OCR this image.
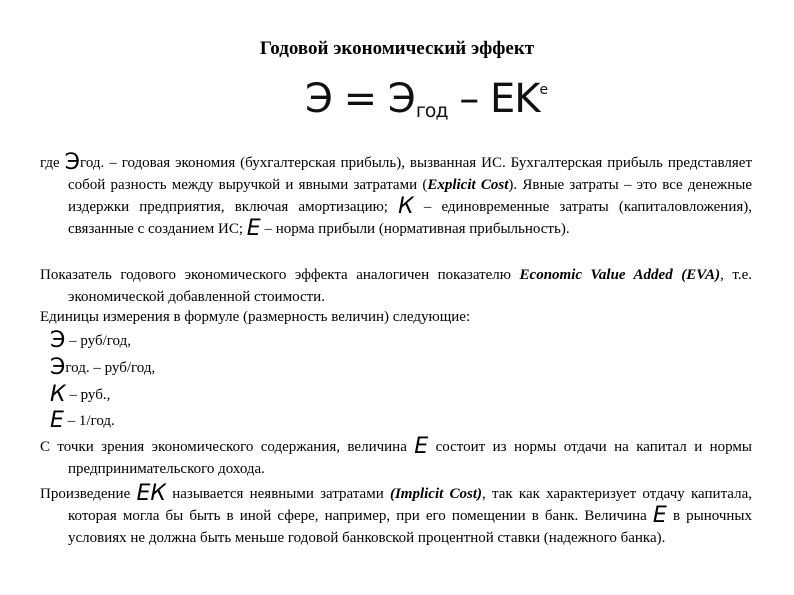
Годовой экономический эффект
$Э = Э_{год} - EK^е$
где Эгод. – годовая экономия (бухгалтерская прибыль), вызванная ИС. Бухгалтерская прибыль представляет собой разность между выручкой и явными затратами (Explicit Cost). Явные затраты – это все денежные издержки предприятия, включая амортизацию; К – единовременные затраты (капиталовложения), связанные с созданием ИС; Е – норма прибыли (нормативная прибыльность).
Показатель годового экономического эффекта аналогичен показателю Economic Value Added (EVA), т.е. экономической добавленной стоимости.
Единицы измерения в формуле (размерность величин) следующие:
Э – руб/год,
Эгод. – руб/год,
К – руб.,
Е – 1/год.
С точки зрения экономического содержания, величина Е состоит из нормы отдачи на капитал и нормы предпринимательского дохода.
Произведение ЕК называется неявными затратами (Implicit Cost), так как характеризует отдачу капитала, которая могла бы быть в иной сфере, например, при его помещении в банк. Величина Е в рыночных условиях не должна быть меньше годовой банковской процентной ставки (надежного банка).
